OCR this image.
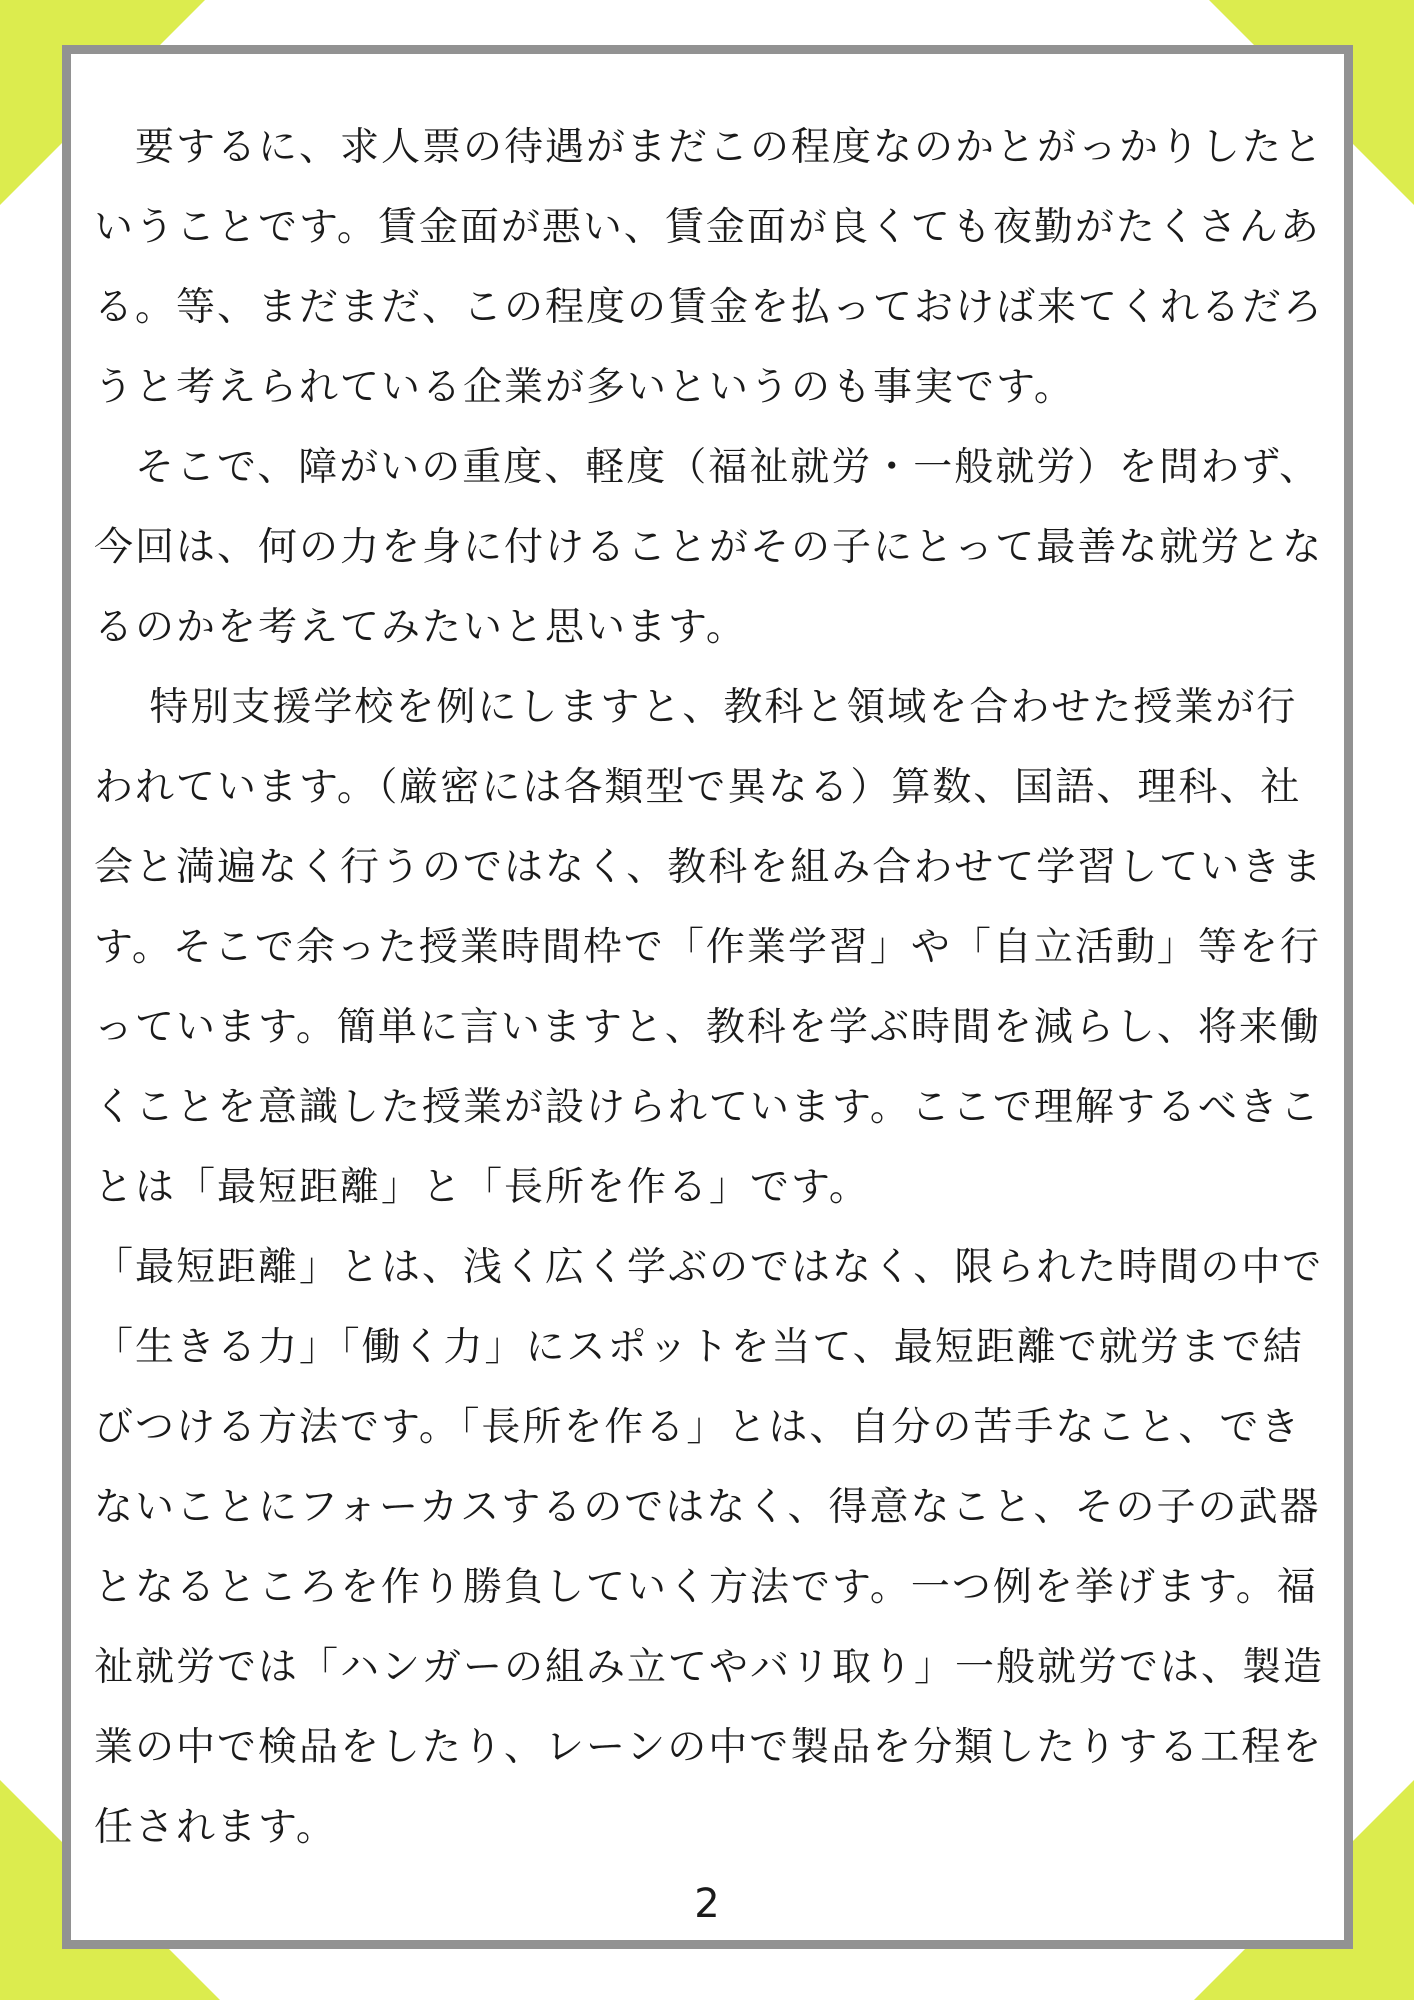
　要するに、求人票の待遇がまだこの程度なのかとがっかりしたということです。賃金面が悪い、賃金面が良くても夜勤がたくさんある。等、まだまだ、この程度の賃金を払っておけば来てくれるだろうと考えられている企業が多いというのも事実です。

　そこで、障がいの重度、軽度（福祉就労・一般就労）を問わず、今回は、何の力を身に付けることがその子にとって最善な就労となるのかを考えてみたいと思います。

　 特別支援学校を例にしますと、教科と領域を合わせた授業が行われています。（厳密には各類型で異なる）算数、国語、理科、社会と満遍なく行うのではなく、教科を組み合わせて学習していきます。そこで余った授業時間枠で「作業学習」や「自立活動」等を行っています。簡単に言いますと、教科を学ぶ時間を減らし、将来働くことを意識した授業が設けられています。ここで理解するべきことは「最短距離」と「長所を作る」です。

「最短距離」とは、浅く広く学ぶのではなく、限られた時間の中で「生きる力」「働く力」にスポットを当て、最短距離で就労まで結びつける方法です。「長所を作る」とは、自分の苦手なこと、できないことにフォーカスするのではなく、得意なこと、その子の武器となるところを作り勝負していく方法です。一つ例を挙げます。福祉就労では「ハンガーの組み立てやバリ取り」一般就労では、製造業の中で検品をしたり、レーンの中で製品を分類したりする工程を任されます。

2
